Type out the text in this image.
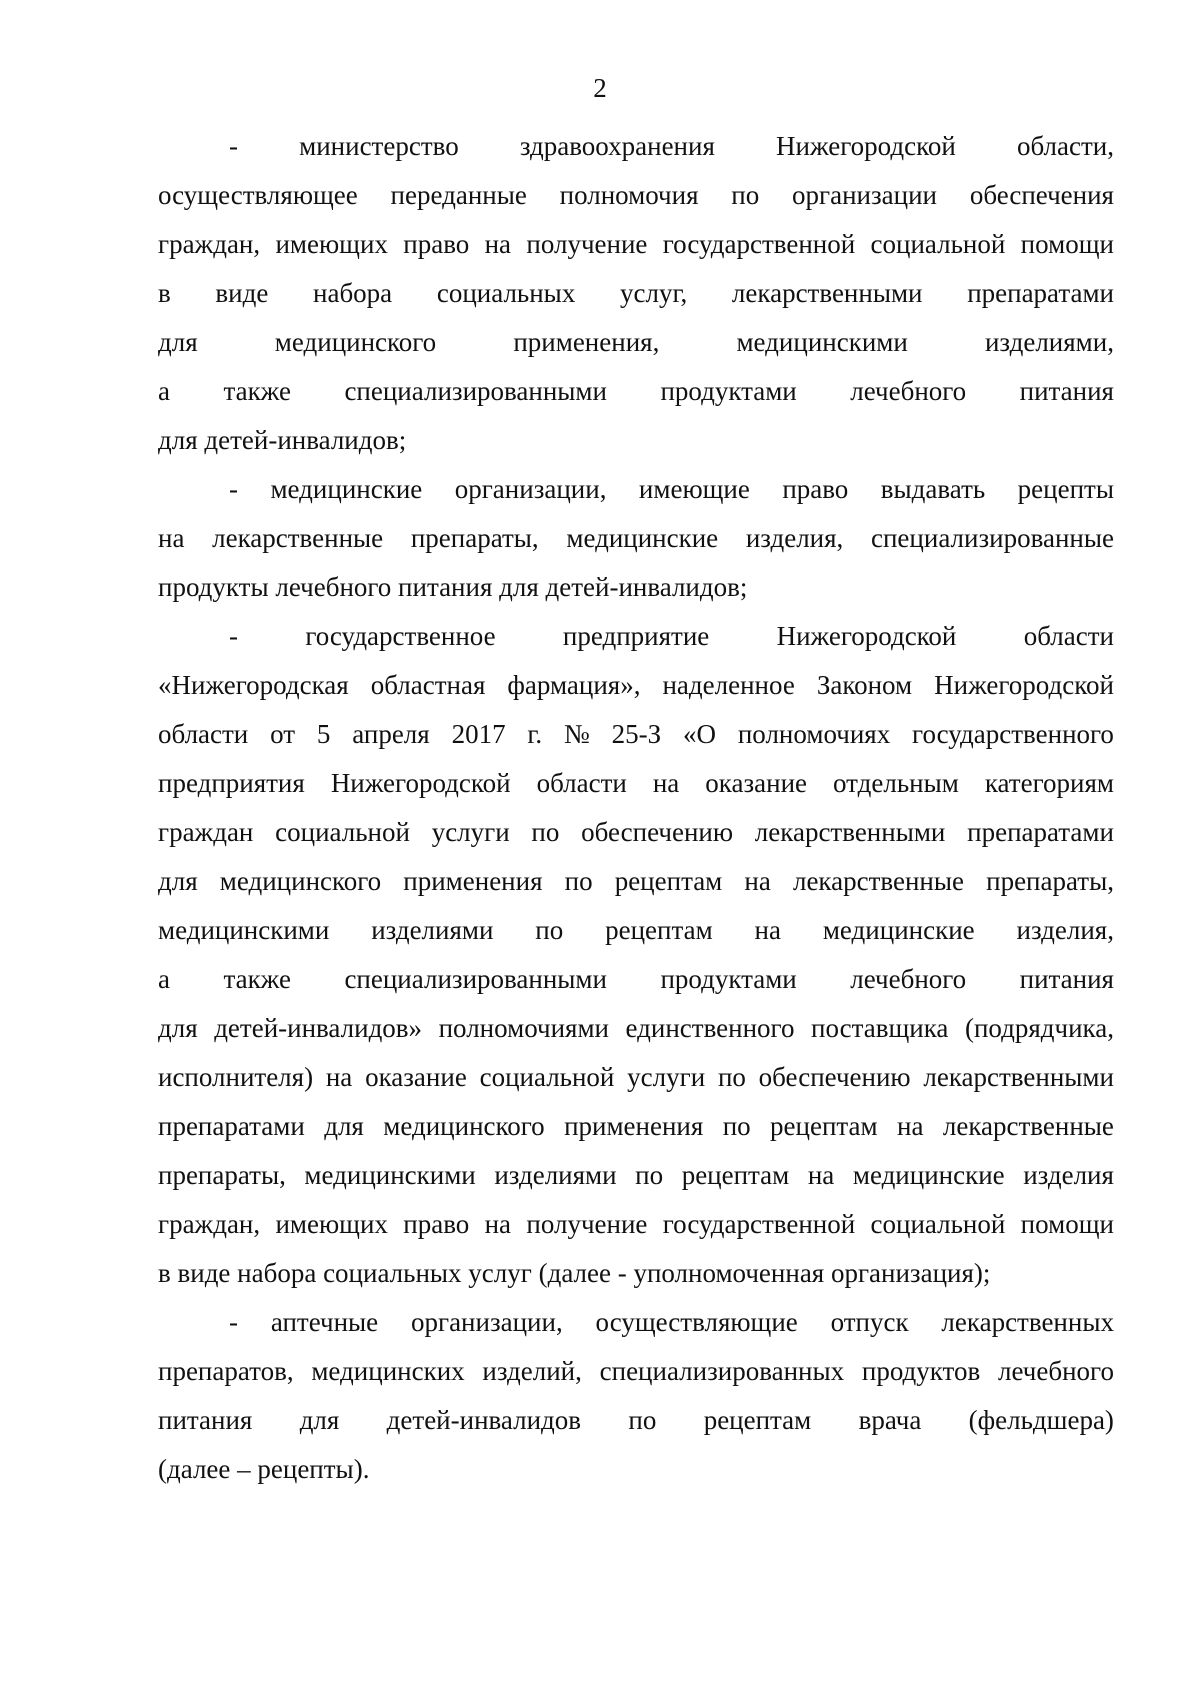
2
- министерство здравоохранения Нижегородской области,
осуществляющее переданные полномочия по организации обеспечения
граждан, имеющих право на получение государственной социальной помощи
в виде набора социальных услуг, лекарственными препаратами
для	медицинского	применения,	медицинскими	изделиями,
а также специализированными продуктами лечебного питания
для детей-инвалидов;
- медицинские организации, имеющие право выдавать рецепты
на лекарственные препараты, медицинские изделия, специализированные
продукты лечебного питания для детей-инвалидов;
- государственное предприятие Нижегородской области
«Нижегородская областная фармация», наделенное Законом Нижегородской
области от 5 апреля 2017 г. № 25-З «О полномочиях государственного
предприятия Нижегородской области на оказание отдельным категориям
граждан социальной услуги по обеспечению лекарственными препаратами
для медицинского применения по рецептам на лекарственные препараты,
медицинскими изделиями по рецептам на медицинские изделия,
а также специализированными продуктами лечебного питания
для детей-инвалидов» полномочиями единственного поставщика (подрядчика,
исполнителя) на оказание социальной услуги по обеспечению лекарственными
препаратами для медицинского применения по рецептам на лекарственные
препараты, медицинскими изделиями по рецептам на медицинские изделия
граждан, имеющих право на получение государственной социальной помощи
в виде набора социальных услуг (далее - уполномоченная организация);
- аптечные организации, осуществляющие отпуск лекарственных
препаратов, медицинских изделий, специализированных продуктов лечебного
питания для детей-инвалидов по рецептам врача (фельдшера)
(далее – рецепты).
